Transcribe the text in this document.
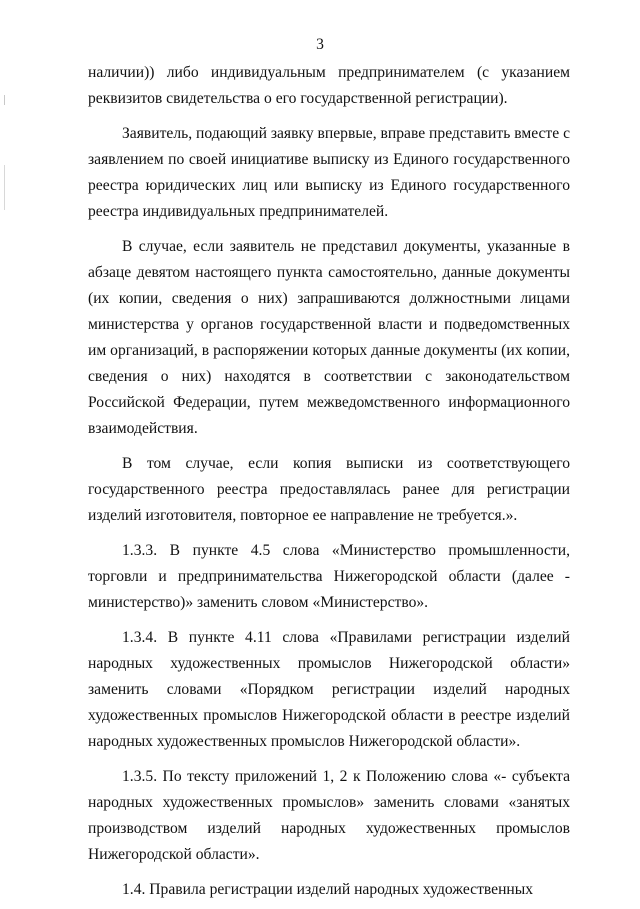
3

наличии)) либо индивидуальным предпринимателем (с указанием реквизитов свидетельства о его государственной регистрации).

Заявитель, подающий заявку впервые, вправе представить вместе с заявлением по своей инициативе выписку из Единого государственного реестра юридических лиц или выписку из Единого государственного реестра индивидуальных предпринимателей.

В случае, если заявитель не представил документы, указанные в абзаце девятом настоящего пункта самостоятельно, данные документы (их копии, сведения о них) запрашиваются должностными лицами министерства у органов государственной власти и подведомственных им организаций, в распоряжении которых данные документы (их копии, сведения о них) находятся в соответствии с законодательством Российской Федерации, путем межведомственного информационного взаимодействия.

В том случае, если копия выписки из соответствующего государственного реестра предоставлялась ранее для регистрации изделий изготовителя, повторное ее направление не требуется.».

1.3.3. В пункте 4.5 слова «Министерство промышленности, торговли и предпринимательства Нижегородской области (далее - министерство)» заменить словом «Министерство».

1.3.4. В пункте 4.11 слова «Правилами регистрации изделий народных художественных промыслов Нижегородской области» заменить словами «Порядком регистрации изделий народных художественных промыслов Нижегородской области в реестре изделий народных художественных промыслов Нижегородской области».

1.3.5. По тексту приложений 1, 2 к Положению слова «- субъекта народных художественных промыслов» заменить словами «занятых производством изделий народных художественных промыслов Нижегородской области».

1.4. Правила регистрации изделий народных художественных
